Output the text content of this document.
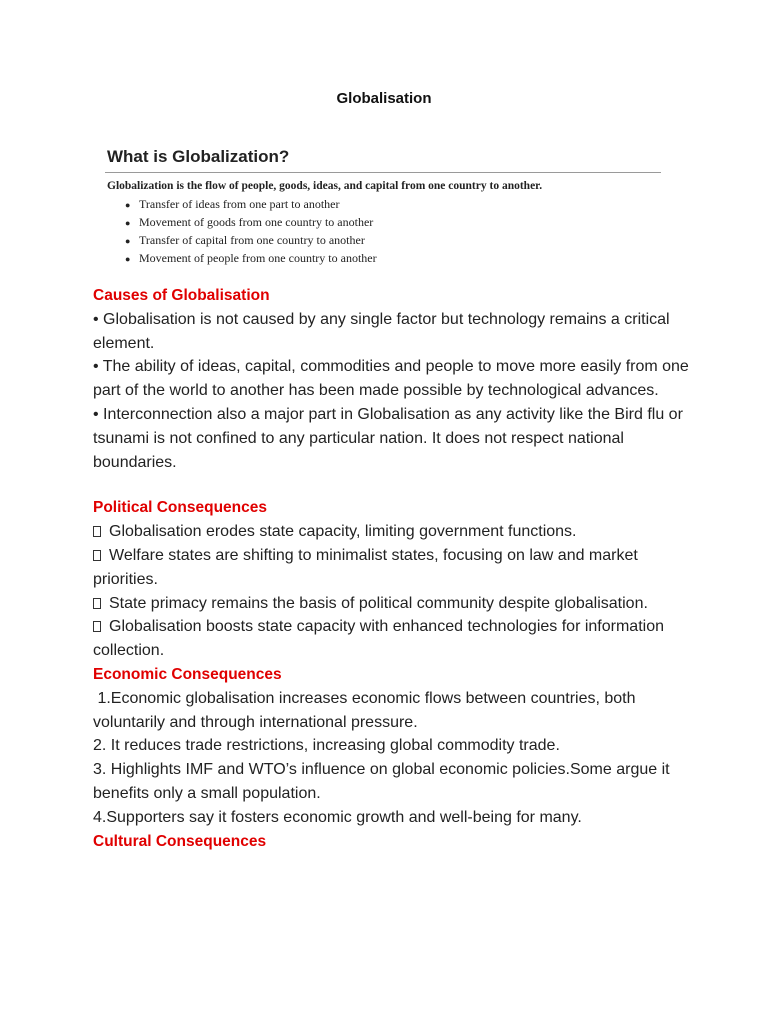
Globalisation
What is Globalization?
Globalization is the flow of people, goods, ideas, and capital from one country to another.
● Transfer of ideas from one part to another
● Movement of goods from one country to another
● Transfer of capital from one country to another
● Movement of people from one country to another

Causes of Globalisation

• Globalisation is not caused by any single factor but technology remains a critical element.

• The ability of ideas, capital, commodities and people to move more easily from one part of the world to another has been made possible by technological advances.

• Interconnection also a major part in Globalisation as any activity like the Bird flu or tsunami is not confined to any particular nation. It does not respect national boundaries.

Political Consequences

Globalisation erodes state capacity, limiting government functions.

Welfare states are shifting to minimalist states, focusing on law and market priorities.

State primacy remains the basis of political community despite globalisation.

Globalisation boosts state capacity with enhanced technologies for information collection.

Economic Consequences

1.Economic globalisation increases economic flows between countries, both voluntarily and through international pressure.

2. It reduces trade restrictions, increasing global commodity trade.

3. Highlights IMF and WTO’s influence on global economic policies.Some argue it benefits only a small population.

4.Supporters say it fosters economic growth and well-being for many.

Cultural Consequences
